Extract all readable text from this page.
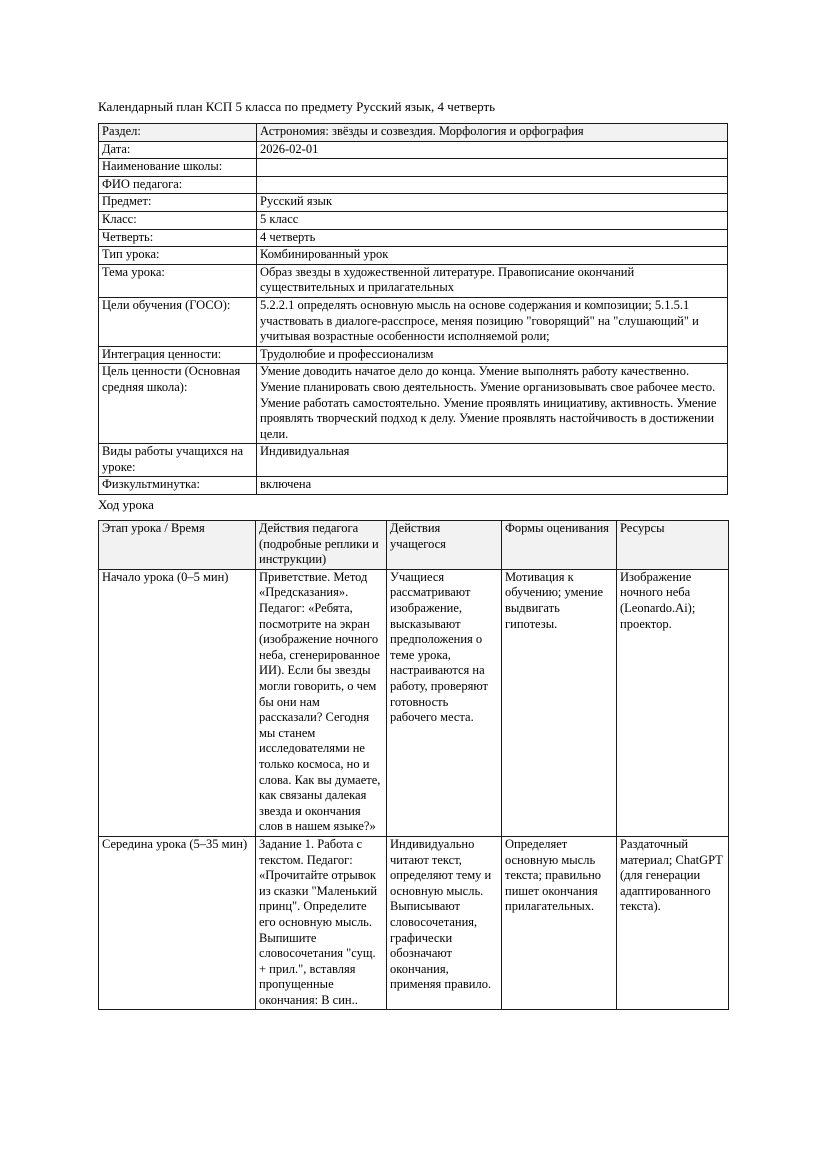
Календарный план КСП 5 класса по предмету Русский язык, 4 четверть
Раздел:	Астрономия: звёзды и созвездия. Морфология и орфография
Дата:	2026-02-01
Наименование школы:	
ФИО педагога:	
Предмет:	Русский язык
Класс:	5 класс
Четверть:	4 четверть
Тип урока:	Комбинированный урок
Тема урока:	Образ звезды в художественной литературе. Правописание окончаний существительных и прилагательных
Цели обучения (ГОСО):	5.2.2.1 определять основную мысль на основе содержания и композиции; 5.1.5.1 участвовать в диалоге-расспросе, меняя позицию "говорящий" на "слушающий" и учитывая возрастные особенности исполняемой роли;
Интеграция ценности:	Трудолюбие и профессионализм
Цель ценности (Основная средняя школа):	Умение доводить начатое дело до конца. Умение выполнять работу качественно. Умение планировать свою деятельность. Умение организовывать свое рабочее место. Умение работать самостоятельно. Умение проявлять инициативу, активность. Умение проявлять творческий подход к делу. Умение проявлять настойчивость в достижении цели.
Виды работы учащихся на уроке:	Индивидуальная
Физкультминутка:	включена
Ход урока
Этап урока / Время	Действия педагога (подробные реплики и инструкции)	Действия учащегося	Формы оценивания	Ресурсы
Начало урока (0–5 мин)	Приветствие. Метод «Предсказания». Педагог: «Ребята, посмотрите на экран (изображение ночного неба, сгенерированное ИИ). Если бы звезды могли говорить, о чем бы они нам рассказали? Сегодня мы станем исследователями не только космоса, но и слова. Как вы думаете, как связаны далекая звезда и окончания слов в нашем языке?»	Учащиеся рассматривают изображение, высказывают предположения о теме урока, настраиваются на работу, проверяют готовность рабочего места.	Мотивация к обучению; умение выдвигать гипотезы.	Изображение ночного неба (Leonardo.Ai); проектор.
Середина урока (5–35 мин)	Задание 1. Работа с текстом. Педагог: «Прочитайте отрывок из сказки "Маленький принц". Определите его основную мысль. Выпишите словосочетания "сущ. + прил.", вставляя пропущенные окончания: В син..	Индивидуально читают текст, определяют тему и основную мысль. Выписывают словосочетания, графически обозначают окончания, применяя правило.	Определяет основную мысль текста; правильно пишет окончания прилагательных.	Раздаточный материал; ChatGPT (для генерации адаптированного текста).
